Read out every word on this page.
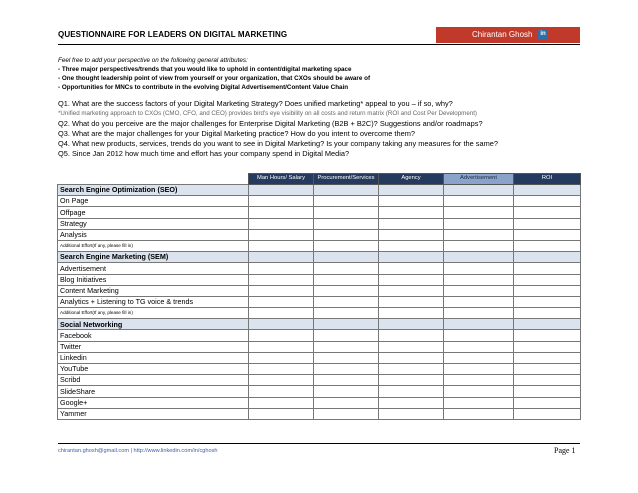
QUESTIONNAIRE FOR LEADERS ON DIGITAL MARKETING	Chirantan Ghosh	in
Feel free to add your perspective on the following general attributes:
- Three major perspectives/trends that you would like to uphold in content/digital marketing space
- One thought leadership point of view from yourself or your organization, that CXOs should be aware of
- Opportunities for MNCs to contribute in the evolving Digital Advertisement/Content Value Chain
Q1. What are the success factors of your Digital Marketing Strategy? Does unified marketing* appeal to you – if so, why?
*Unified marketing approach to CXOs (CMO, CFO, and CEO) provides bird's eye visibility on all costs and return matrix (ROI and Cost Per Development)
Q2. What do you perceive are the major challenges for Enterprise Digital Marketing (B2B + B2C)? Suggestions and/or roadmaps?
Q3. What are the major challenges for your Digital Marketing practice? How do you intent to overcome them?
Q4. What new products, services, trends do you want to see in Digital Marketing? Is your company taking any measures for the same?
Q5. Since Jan 2012 how much time and effort has your company spend in Digital Media?
	Man Hours/ Salary	Procurement/Services	Agency	Advertisement	ROI
Search Engine Optimization (SEO)					
On Page					
Offpage					
Strategy					
Analysis					
Additional Effort(If any, please fill in)					
Search Engine Marketing (SEM)					
Advertisement					
Blog Initiatives					
Content Marketing					
Analytics + Listening to TG voice & trends					
Additional Effort(If any, please fill in)					
Social Networking					
Facebook					
Twitter					
Linkedin					
YouTube					
Scribd					
SlideShare					
Google+					
Yammer					
chirantan.ghosh@gmail.com | http://www.linkedin.com/in/cghosh	Page 1
